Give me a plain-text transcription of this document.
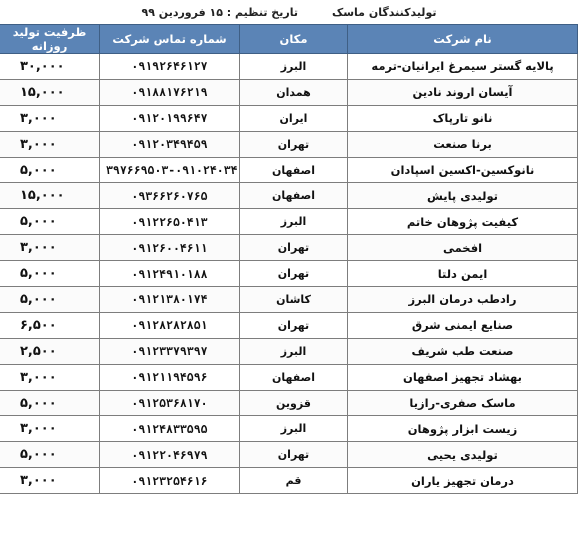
تولیدکنندگان ماسک
تاریخ تنظیم : ۱۵ فروردین ۹۹
نام شرکت	مکان	شماره تماس شرکت	ظرفیت تولید روزانه
پالایه گستر سیمرغ ایرانیان-ترمه	البرز	۰۹۱۹۲۶۴۶۱۲۷	۳۰,۰۰۰
آیسان اروند نادین	همدان	۰۹۱۸۸۱۷۶۲۱۹	۱۵,۰۰۰
نانو تارپاک	ایران	۰۹۱۲۰۱۹۹۶۴۷	۳,۰۰۰
برنا صنعت	تهران	۰۹۱۲۰۳۴۹۴۵۹	۳,۰۰۰
نانوکسین-اکسین اسپادان	اصفهان	۳۹۷۶۶۹۵۰۳-۰۹۱۰۲۴۰۳۴	۵,۰۰۰
تولیدی پایش	اصفهان	۰۹۳۶۶۲۶۰۷۶۵	۱۵,۰۰۰
کیفیت پژوهان خاتم	البرز	۰۹۱۲۲۶۵۰۴۱۳	۵,۰۰۰
افخمی	تهران	۰۹۱۲۶۰۰۴۶۱۱	۳,۰۰۰
ایمن دلتا	تهران	۰۹۱۲۴۹۱۰۱۸۸	۵,۰۰۰
رادطب درمان البرز	کاشان	۰۹۱۲۱۳۸۰۱۷۴	۵,۰۰۰
صنایع ایمنی شرق	تهران	۰۹۱۲۸۲۸۲۸۵۱	۶,۵۰۰
صنعت طب شریف	البرز	۰۹۱۲۳۳۷۹۳۹۷	۲,۵۰۰
بهشاد تجهیز اصفهان	اصفهان	۰۹۱۲۱۱۹۴۵۹۶	۳,۰۰۰
ماسک صفری-رازیا	قزوین	۰۹۱۲۵۳۶۸۱۷۰	۵,۰۰۰
زیست ابزار پژوهان	البرز	۰۹۱۲۴۸۳۳۵۹۵	۳,۰۰۰
تولیدی یحیی	تهران	۰۹۱۲۲۰۴۶۹۷۹	۵,۰۰۰
درمان تجهیز یاران	قم	۰۹۱۲۳۲۵۴۶۱۶	۳,۰۰۰
